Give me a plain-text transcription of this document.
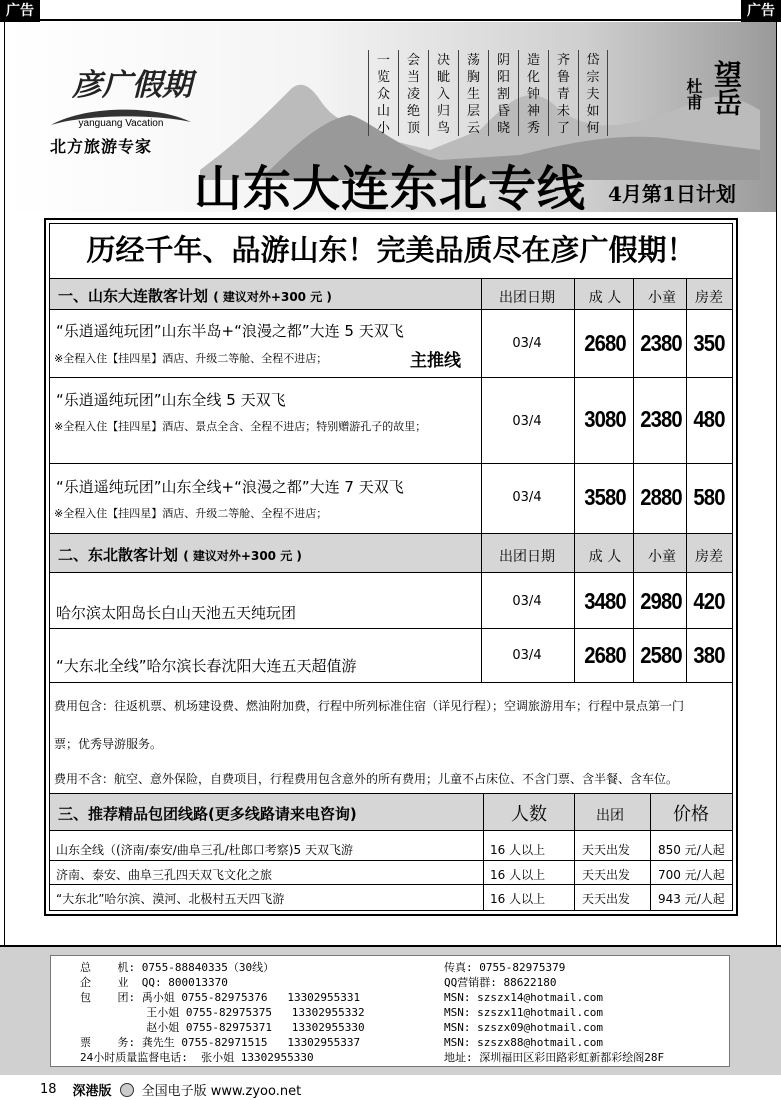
广告	广告
彦广假期
yanguang Vacation
北方旅游专家
一
览
众
山
小
会
当
凌
绝
顶
决
眦
入
归
鸟
荡
胸
生
层
云
阴
阳
割
昏
晓
造
化
钟
神
秀
齐
鲁
青
未
了
岱
宗
夫
如
何
杜甫 望岳
山东大连东北专线 4月第1日计划
历经千年、品游山东！完美品质尽在彦广假期！
一、山东大连散客计划 ( 建议对外+300 元 )	出团日期	成 人	小童	房差
“乐逍遥纯玩团”山东半岛+“浪漫之都”大连 5 天双飞
※全程入住【挂四星】酒店、升级二等舱、全程不进店；	主推线
03/4	2680 2380 350
“乐逍遥纯玩团”山东全线 5 天双飞
※全程入住【挂四星】酒店、景点全含、全程不进店；特别赠游孔子的故里；	03/4	3080 2380 480
“乐逍遥纯玩团”山东全线+“浪漫之都”大连 7 天双飞
※全程入住【挂四星】酒店、升级二等舱、全程不进店；
03/4	3580 2880 580
二、东北散客计划 ( 建议对外+300 元 )	出团日期	成 人	小童	房差
哈尔滨太阳岛长白山天池五天纯玩团
03/4	3480 2980 420
“大东北全线”哈尔滨长春沈阳大连五天超值游
03/4	2680 2580 380
费用包含：往返机票、机场建设费、燃油附加费，行程中所列标准住宿（详见行程）；空调旅游用车；行程中景点第一门
票；优秀导游服务。
费用不含：航空、意外保险，自费项目，行程费用包含意外的所有费用；儿童不占床位、不含门票、含半餐、含车位。
三、推荐精品包团线路(更多线路请来电咨询)	人数	出团	价格
山东全线（(济南/泰安/曲阜三孔/杜郎口考察)5 天双飞游	16 人以上	天天出发 850 元/人起
济南、泰安、曲阜三孔四天双飞文化之旅	16 人以上	天天出发 700 元/人起
“大东北”哈尔滨、漠河、北极村五天四飞游	16 人以上	天天出发 943 元/人起
总    机: 0755-88840335（30线）
企    业  QQ: 800013370
包    团: 禹小姐 0755-82975376   13302955331
王小姐 0755-82975375   13302955332
赵小姐 0755-82975371   13302955330
票    务: 龚先生 0755-82971515   13302955337
24小时质量监督电话:  张小姐 13302955330
传真: 0755-82975379
QQ营销群: 88622180
MSN: szszx14@hotmail.com
MSN: szszx11@hotmail.com
MSN: szszx09@hotmail.com
MSN: szszx88@hotmail.com
地址: 深圳福田区彩田路彩虹新都彩绘阁28F
18 深港版 全国电子版 www.zyoo.net
